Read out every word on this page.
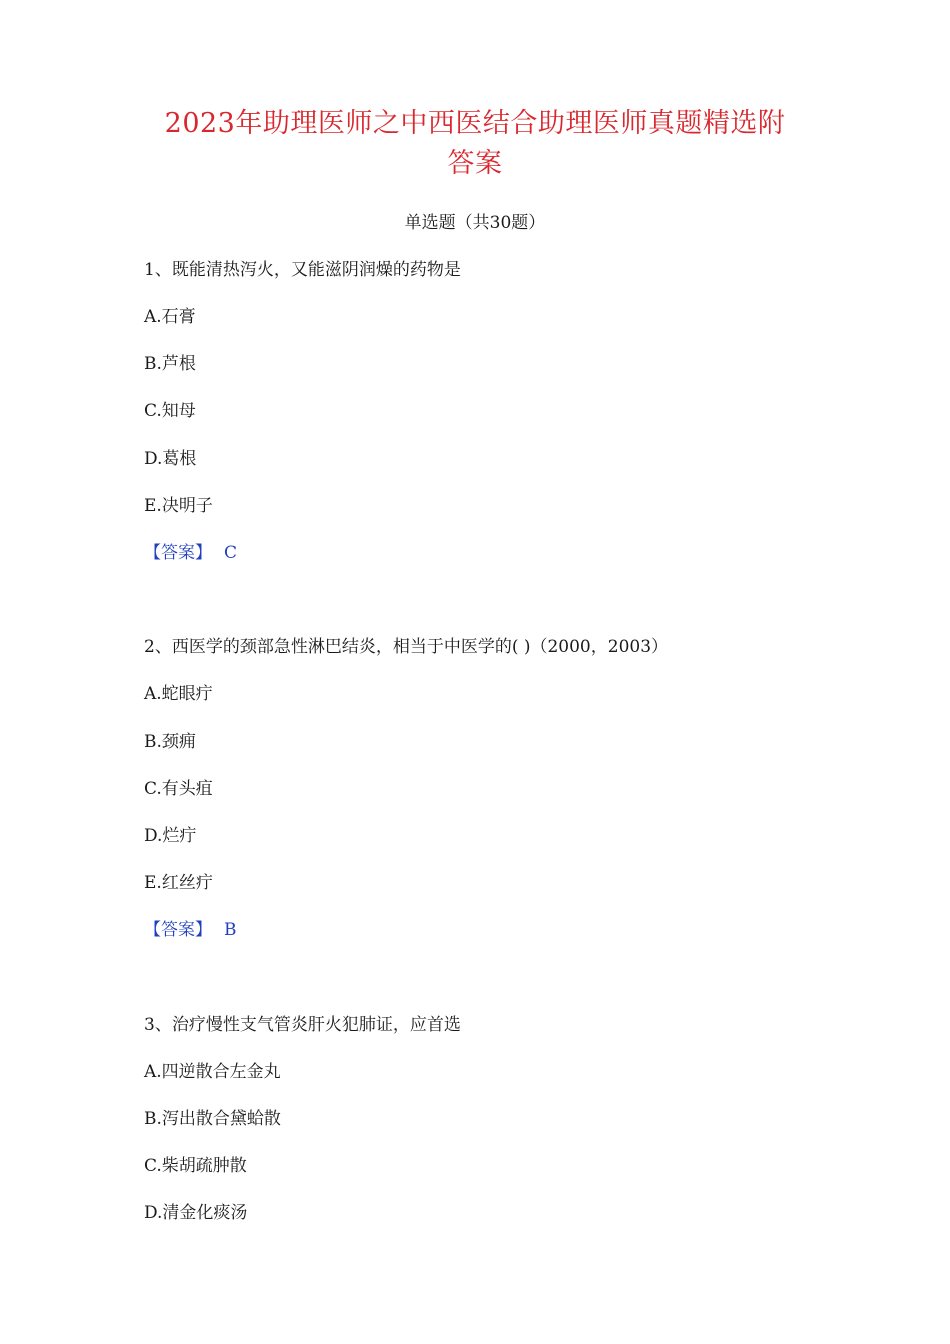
2023年助理医师之中西医结合助理医师真题精选附
答案
单选题（共30题）
1、既能清热泻火，又能滋阴润燥的药物是
A.石膏
B.芦根
C.知母
D.葛根
E.决明子
【答案】 C
2、西医学的颈部急性淋巴结炎，相当于中医学的( )（2000，2003）
A.蛇眼疔
B.颈痈
C.有头疽
D.烂疔
E.红丝疔
【答案】 B
3、治疗慢性支气管炎肝火犯肺证，应首选
A.四逆散合左金丸
B.泻出散合黛蛤散
C.柴胡疏肿散
D.清金化痰汤
